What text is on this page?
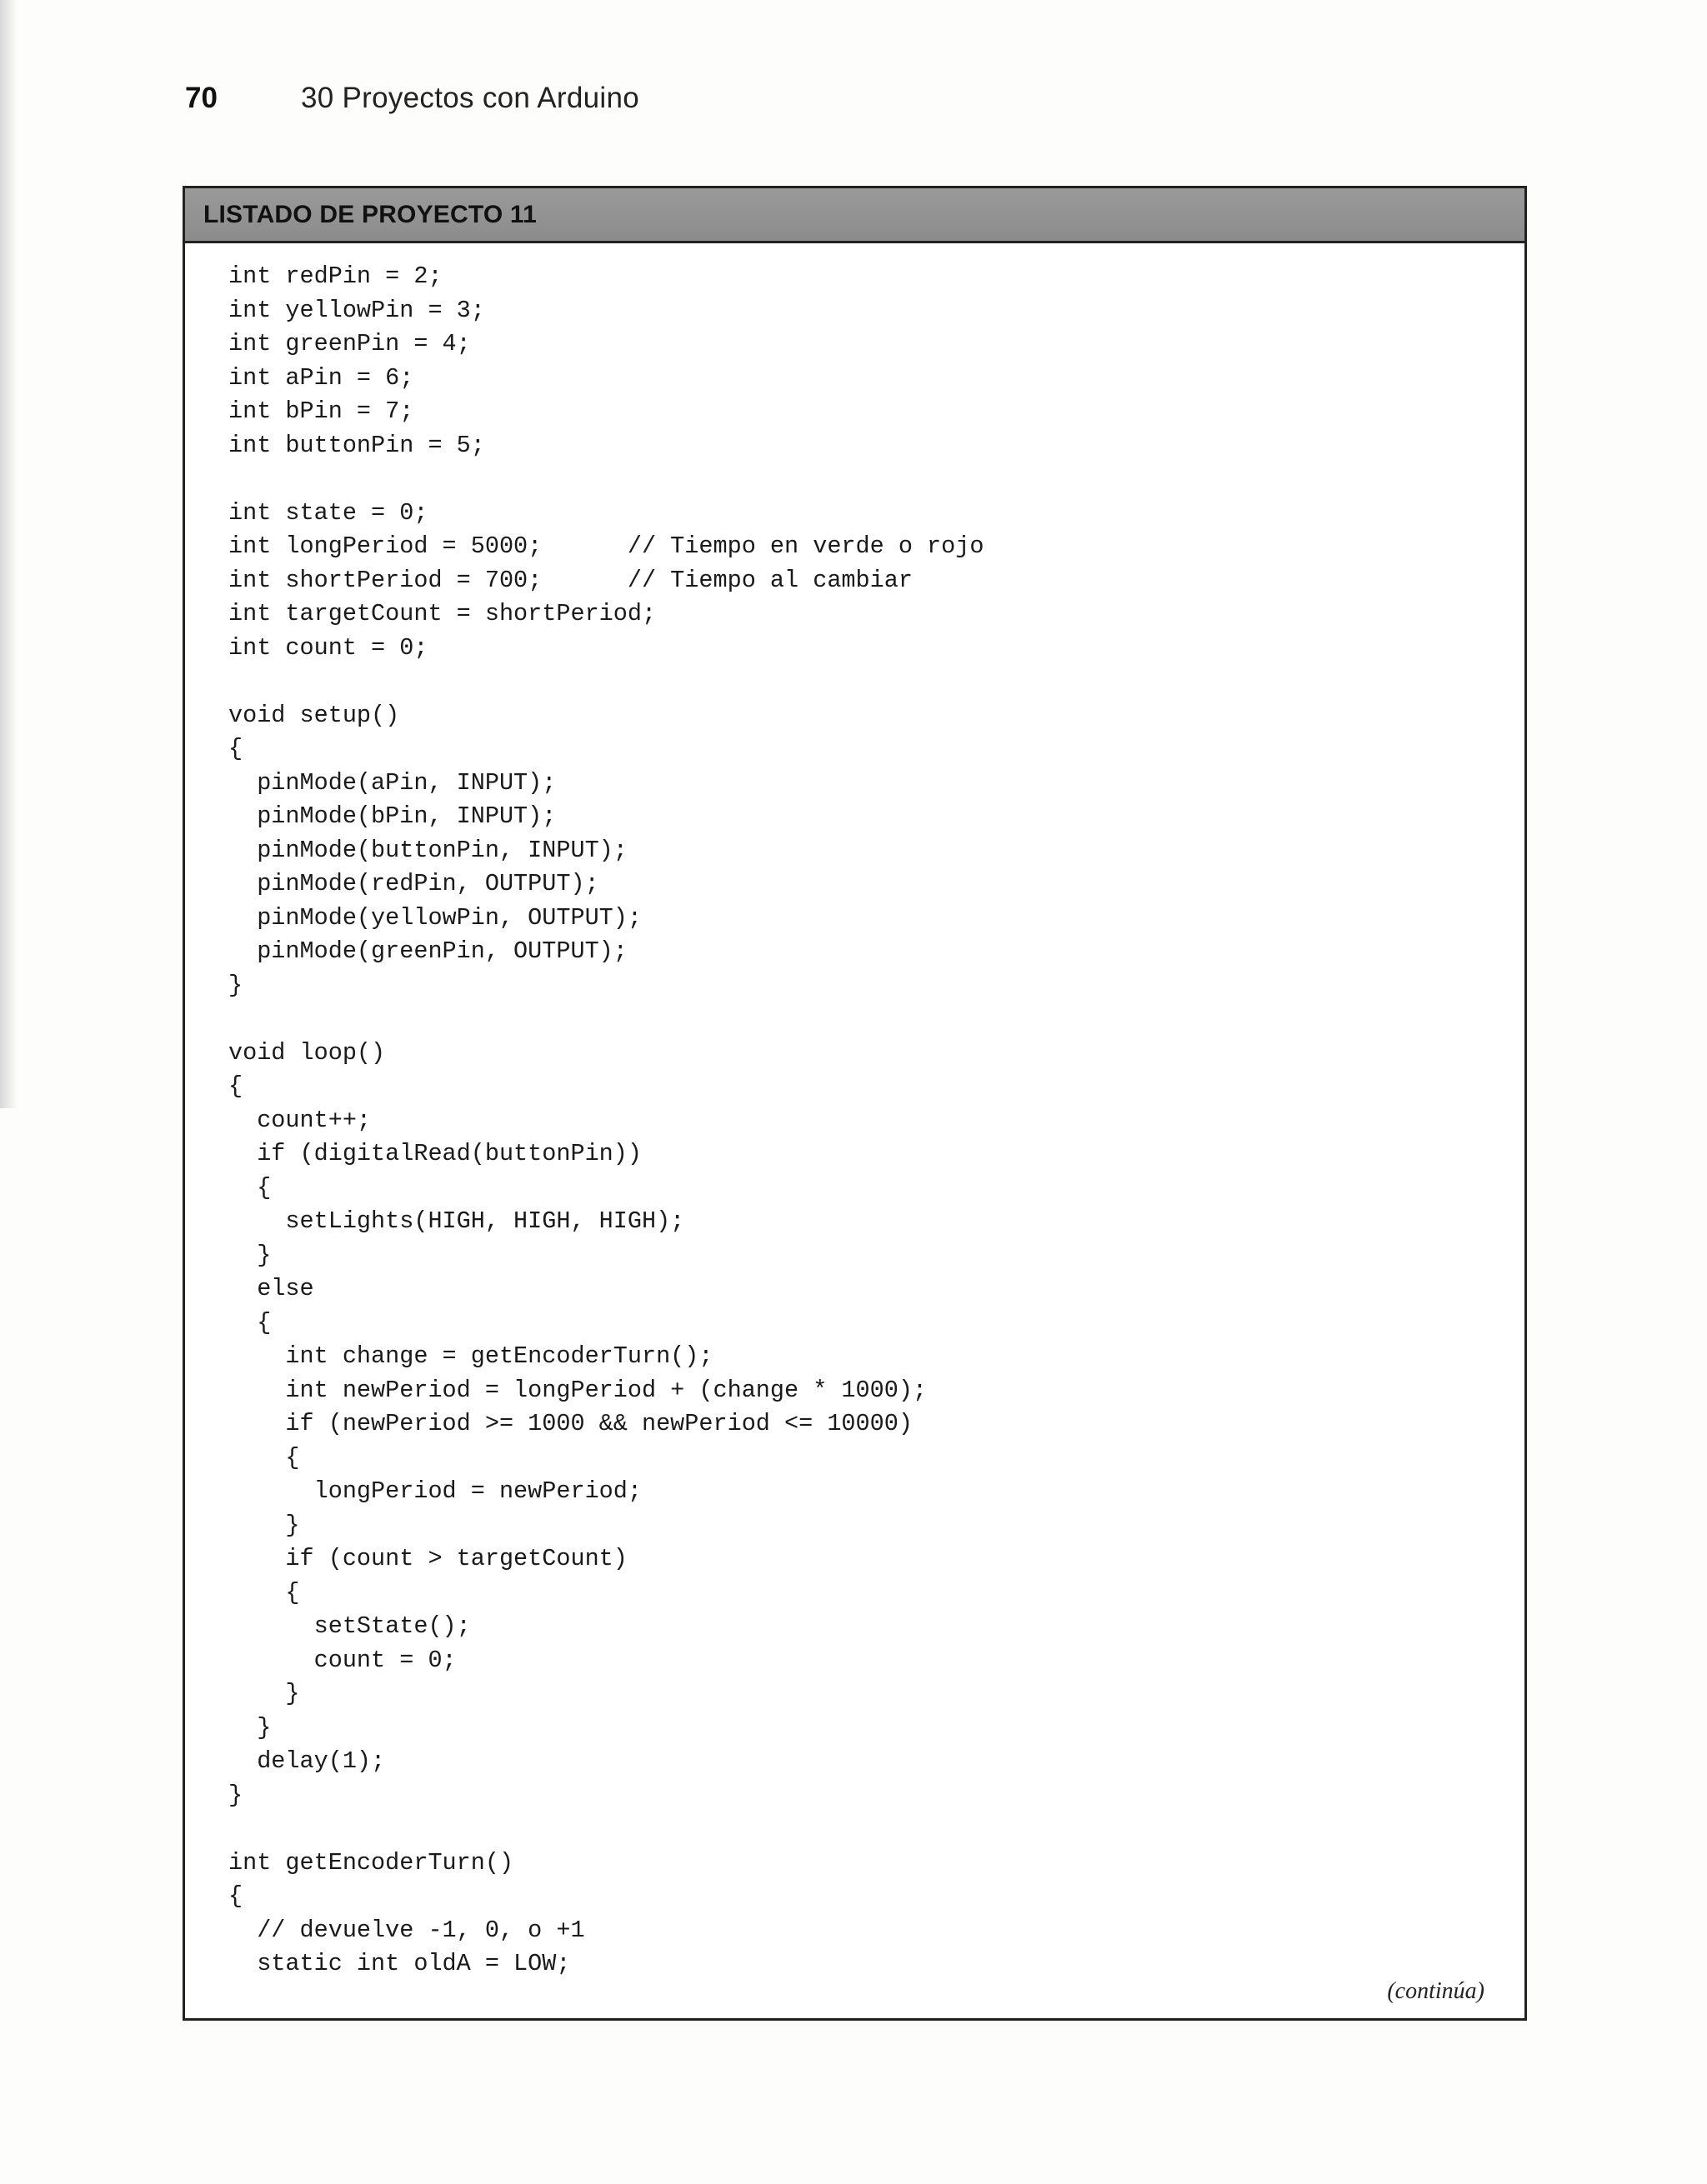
70	30 Proyectos con Arduino
LISTADO DE PROYECTO 11
int redPin = 2;
int yellowPin = 3;
int greenPin = 4;
int aPin = 6;
int bPin = 7;
int buttonPin = 5;
int state = 0;
int longPeriod = 5000;      // Tiempo en verde o rojo
int shortPeriod = 700;      // Tiempo al cambiar
int targetCount = shortPeriod;
int count = 0;
void setup()
{
pinMode(aPin, INPUT);
pinMode(bPin, INPUT);
pinMode(buttonPin, INPUT);
pinMode(redPin, OUTPUT);
pinMode(yellowPin, OUTPUT);
pinMode(greenPin, OUTPUT);
}
void loop()
{
count++;
if (digitalRead(buttonPin))
{
setLights(HIGH, HIGH, HIGH);
}
else
{
int change = getEncoderTurn();
int newPeriod = longPeriod + (change * 1000);
if (newPeriod >= 1000 && newPeriod <= 10000)
{
longPeriod = newPeriod;
}
if (count > targetCount)
{
setState();
count = 0;
}
}
delay(1);
}
int getEncoderTurn()
{
// devuelve -1, 0, o +1
static int oldA = LOW;
(continúa)
